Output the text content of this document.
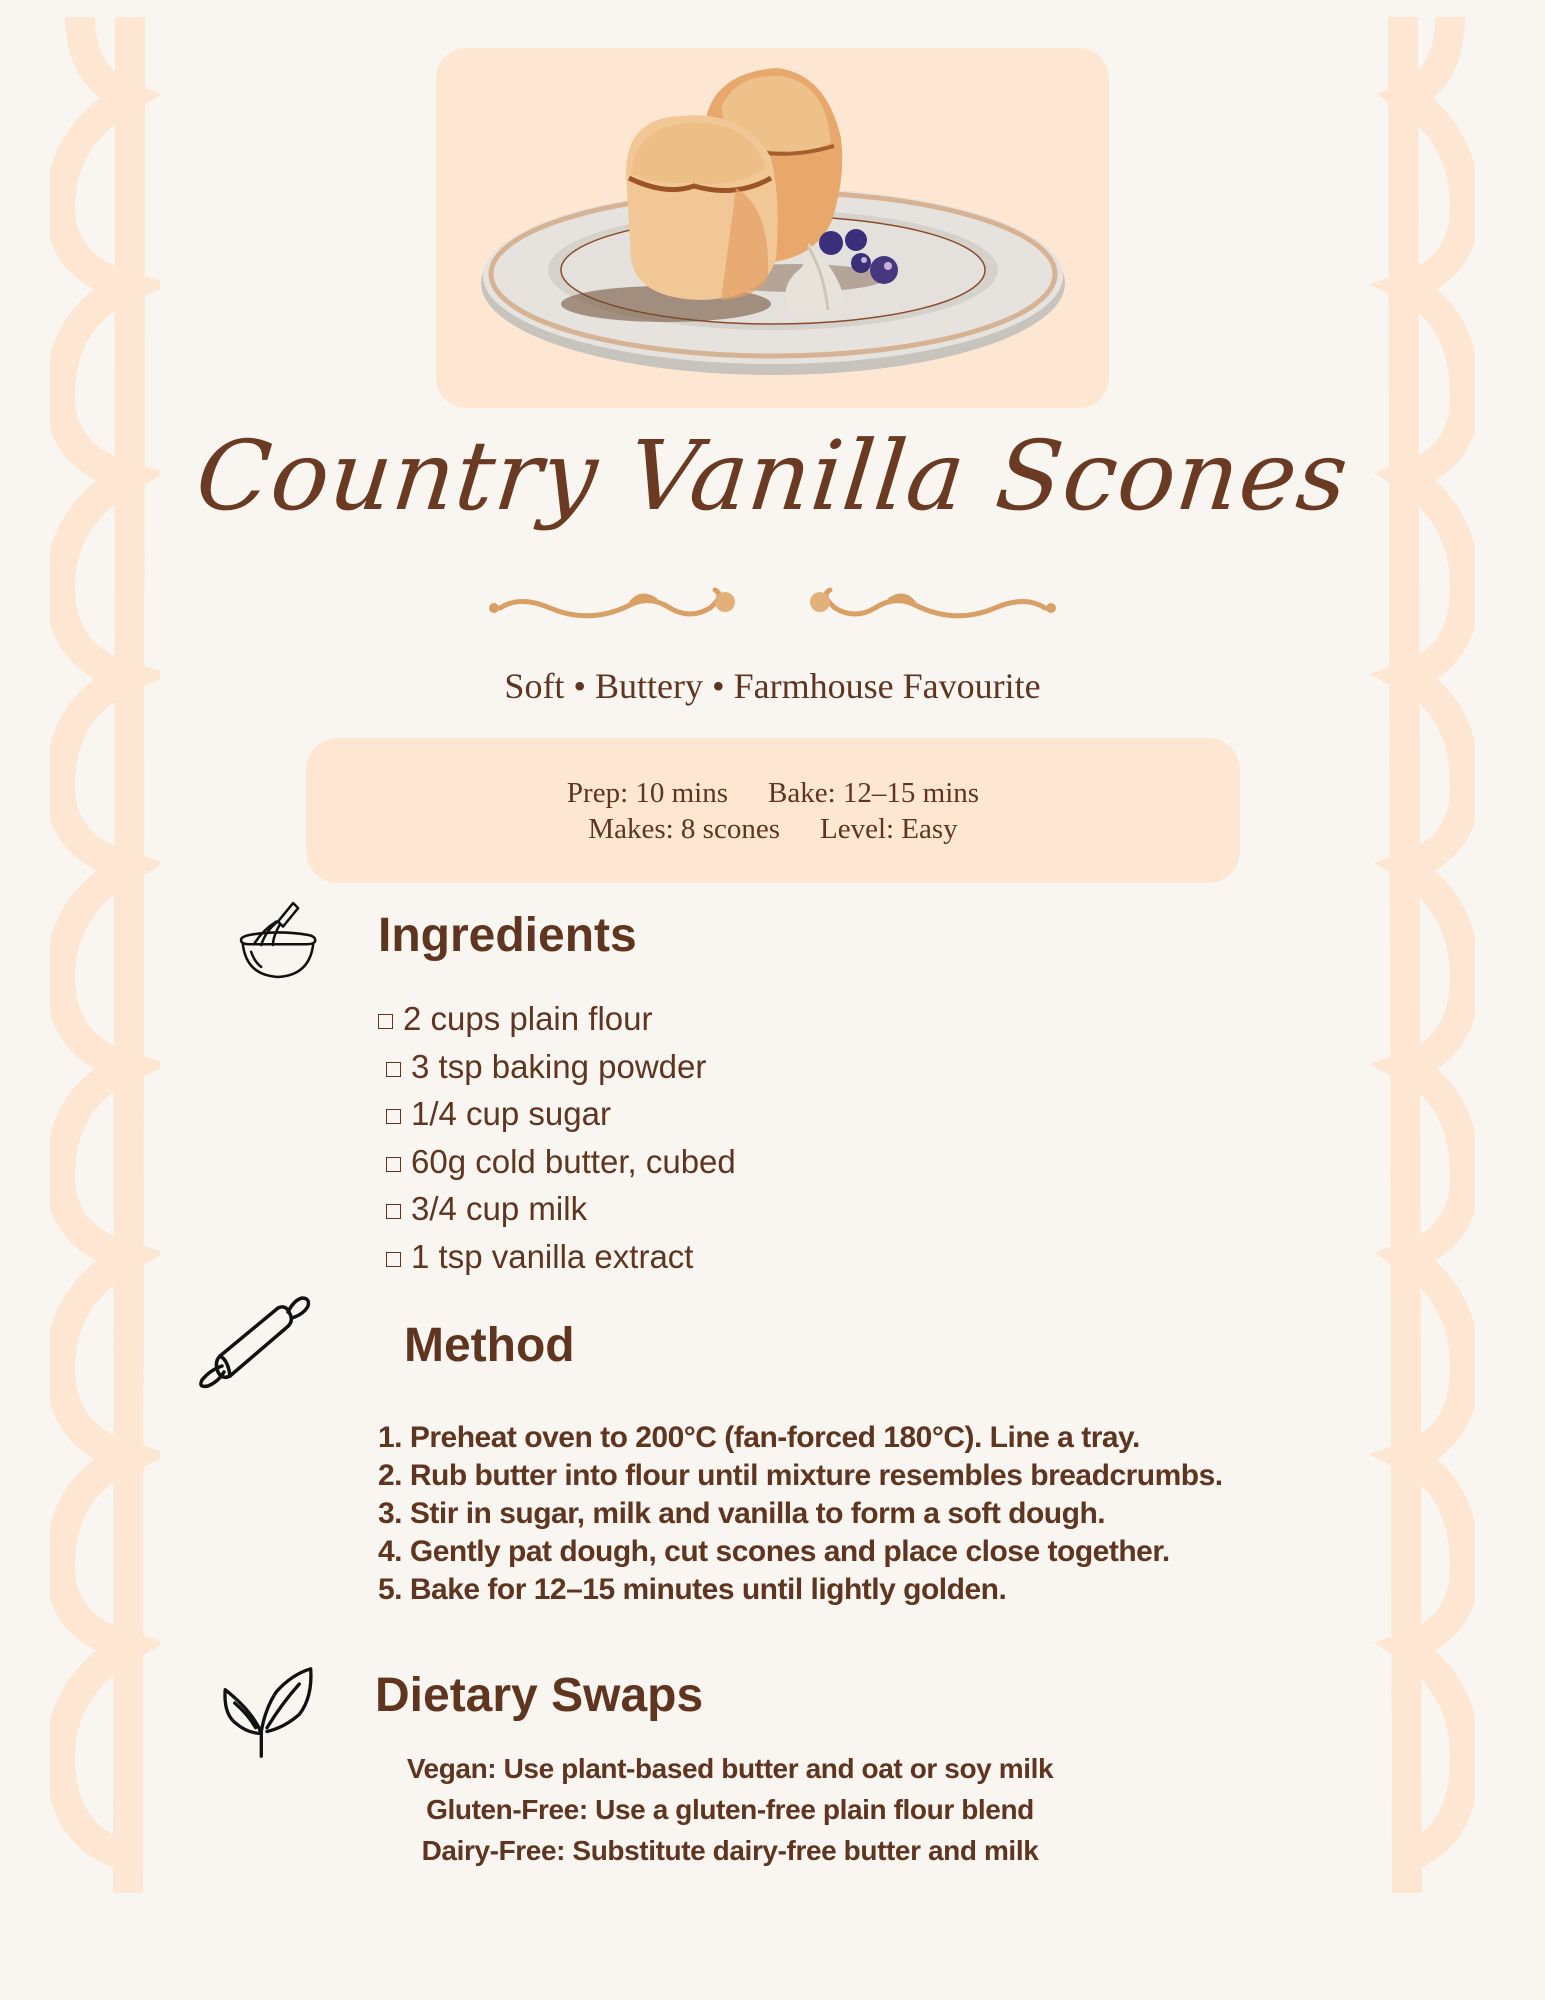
Country Vanilla Scones
Soft • Buttery • Farmhouse Favourite
Prep: 10 mins Bake: 12–15 mins
Makes: 8 scones Level: Easy
Ingredients
2 cups plain flour
3 tsp baking powder
1/4 cup sugar
60g cold butter, cubed
3/4 cup milk
1 tsp vanilla extract
Method
1. Preheat oven to 200°C (fan-forced 180°C). Line a tray.
2. Rub butter into flour until mixture resembles breadcrumbs.
3. Stir in sugar, milk and vanilla to form a soft dough.
4. Gently pat dough, cut scones and place close together.
5. Bake for 12–15 minutes until lightly golden.
Dietary Swaps
Vegan: Use plant-based butter and oat or soy milk
Gluten-Free: Use a gluten-free plain flour blend
Dairy-Free: Substitute dairy-free butter and milk
